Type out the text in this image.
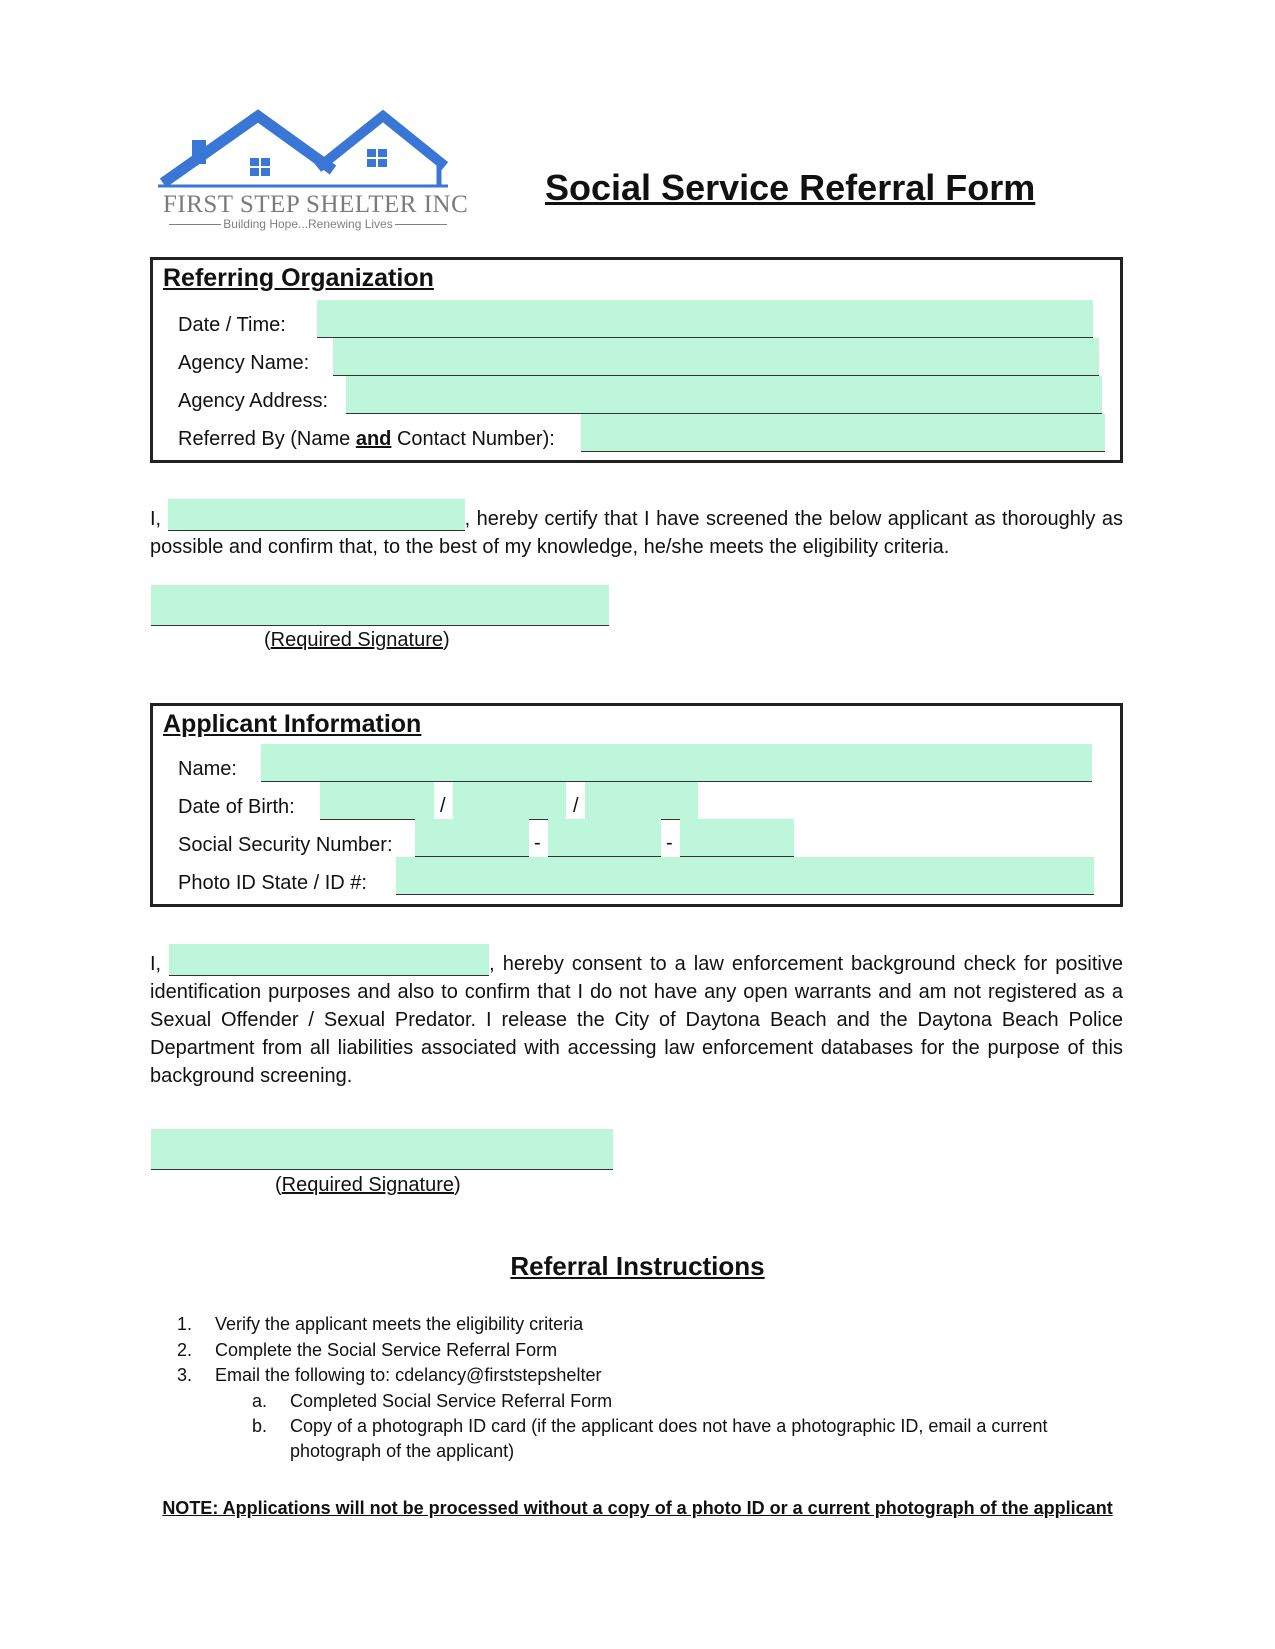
FIRST STEP SHELTER INC
Building Hope...Renewing Lives
Social Service Referral Form
Referring Organization
Date / Time:
Agency Name:
Agency Address:
Referred By (Name and Contact Number):
I,	, hereby certify that I have screened the below applicant as thoroughly as possible and confirm that, to the best of my knowledge, he/she meets the eligibility criteria.
(Required Signature)
Applicant Information
Name:
Date of Birth:	/	/
Social Security Number:	-	-
Photo ID State / ID #:
I,	, hereby consent to a law enforcement background check for positive identification purposes and also to confirm that I do not have any open warrants and am not registered as a Sexual Offender / Sexual Predator. I release the City of Daytona Beach and the Daytona Beach Police Department from all liabilities associated with accessing law enforcement databases for the purpose of this background screening.
(Required Signature)
Referral Instructions
1. Verify the applicant meets the eligibility criteria
2. Complete the Social Service Referral Form
3. Email the following to: cdelancy@firststepshelter
a. Completed Social Service Referral Form
b. Copy of a photograph ID card (if the applicant does not have a photographic ID, email a current
photograph of the applicant)
NOTE: Applications will not be processed without a copy of a photo ID or a current photograph of the applicant
